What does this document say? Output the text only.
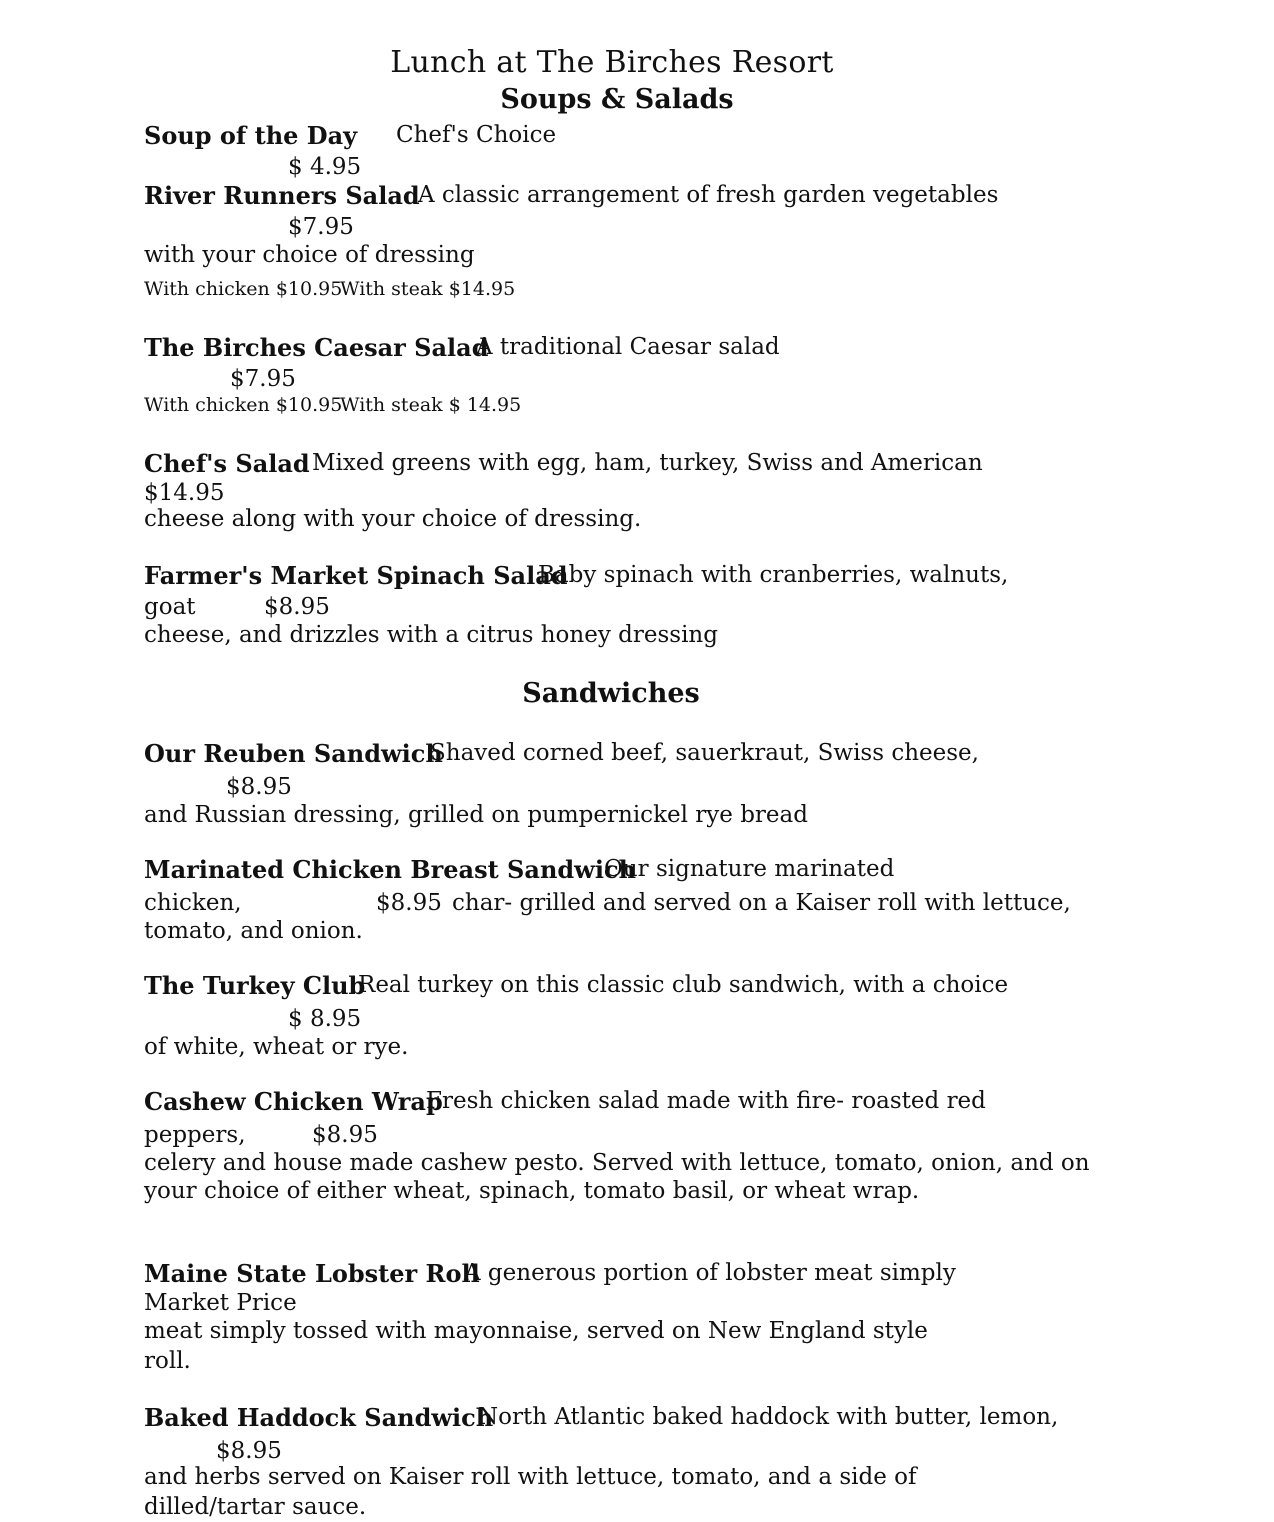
Lunch at The Birches Resort
Soups & Salads
Soup of the Day Chef's Choice
$ 4.95
River Runners Salad
A classic arrangement of fresh garden vegetables
$7.95
with your choice of dressing
With chicken $10.95
With steak $14.95
The Birches Caesar Salad
A traditional Caesar salad
$7.95
With chicken $10.95
With steak $ 14.95
Chef's Salad Mixed greens with egg, ham, turkey, Swiss and American
$14.95
cheese along with your choice of dressing.
Farmer's Market Spinach Salad
Baby spinach with cranberries, walnuts,
goat	$8.95
cheese, and drizzles with a citrus honey dressing
Sandwiches
Our Reuben Sandwich
Shaved corned beef, sauerkraut, Swiss cheese,
$8.95
and Russian dressing, grilled on pumpernickel rye bread
Marinated Chicken Breast Sandwich
Our signature marinated
chicken,	$8.95 char- grilled and served on a Kaiser roll with lettuce,
tomato, and onion.
The Turkey Club
Real turkey on this classic club sandwich, with a choice
$ 8.95
of white, wheat or rye.
Cashew Chicken Wrap
Fresh chicken salad made with fire- roasted red
peppers,	$8.95
celery and house made cashew pesto. Served with lettuce, tomato, onion, and on
your choice of either wheat, spinach, tomato basil, or wheat wrap.
Maine State Lobster Roll
A generous portion of lobster meat simply
Market Price
meat simply tossed with mayonnaise, served on New England style
roll.
Baked Haddock Sandwich
North Atlantic baked haddock with butter, lemon,
$8.95
and herbs served on Kaiser roll with lettuce, tomato, and a side of
dilled/tartar sauce.
